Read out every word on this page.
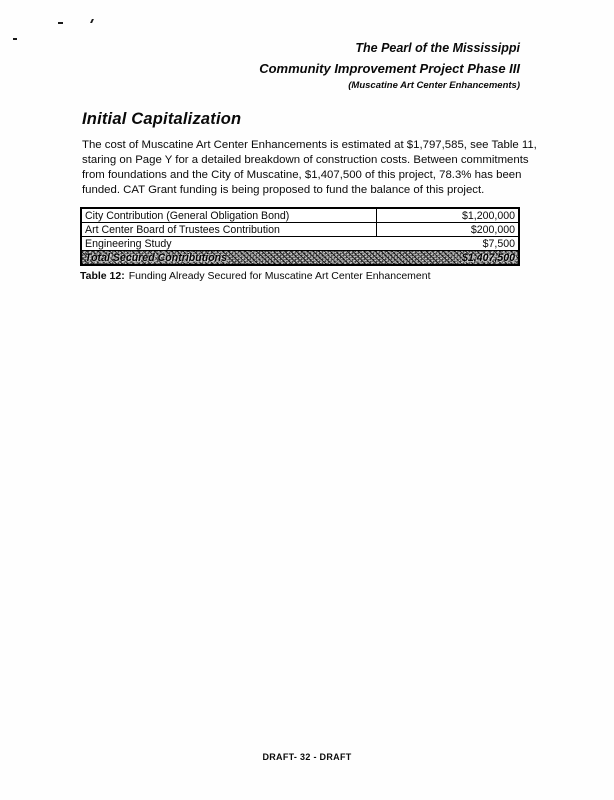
The Pearl of the Mississippi
Community Improvement Project Phase III
(Muscatine Art Center Enhancements)
Initial Capitalization
The cost of Muscatine Art Center Enhancements is estimated at $1,797,585, see Table 11, staring on Page Y for a detailed breakdown of construction costs. Between commitments from foundations and the City of Muscatine, $1,407,500 of this project, 78.3% has been funded. CAT Grant funding is being proposed to fund the balance of this project.
City Contribution (General Obligation Bond)	$1,200,000
Art Center Board of Trustees Contribution	$200,000
Engineering Study	$7,500
Total Secured Contributions	$1,407,500
Table 12: Funding Already Secured for Muscatine Art Center Enhancement
DRAFT- 32 - DRAFT
